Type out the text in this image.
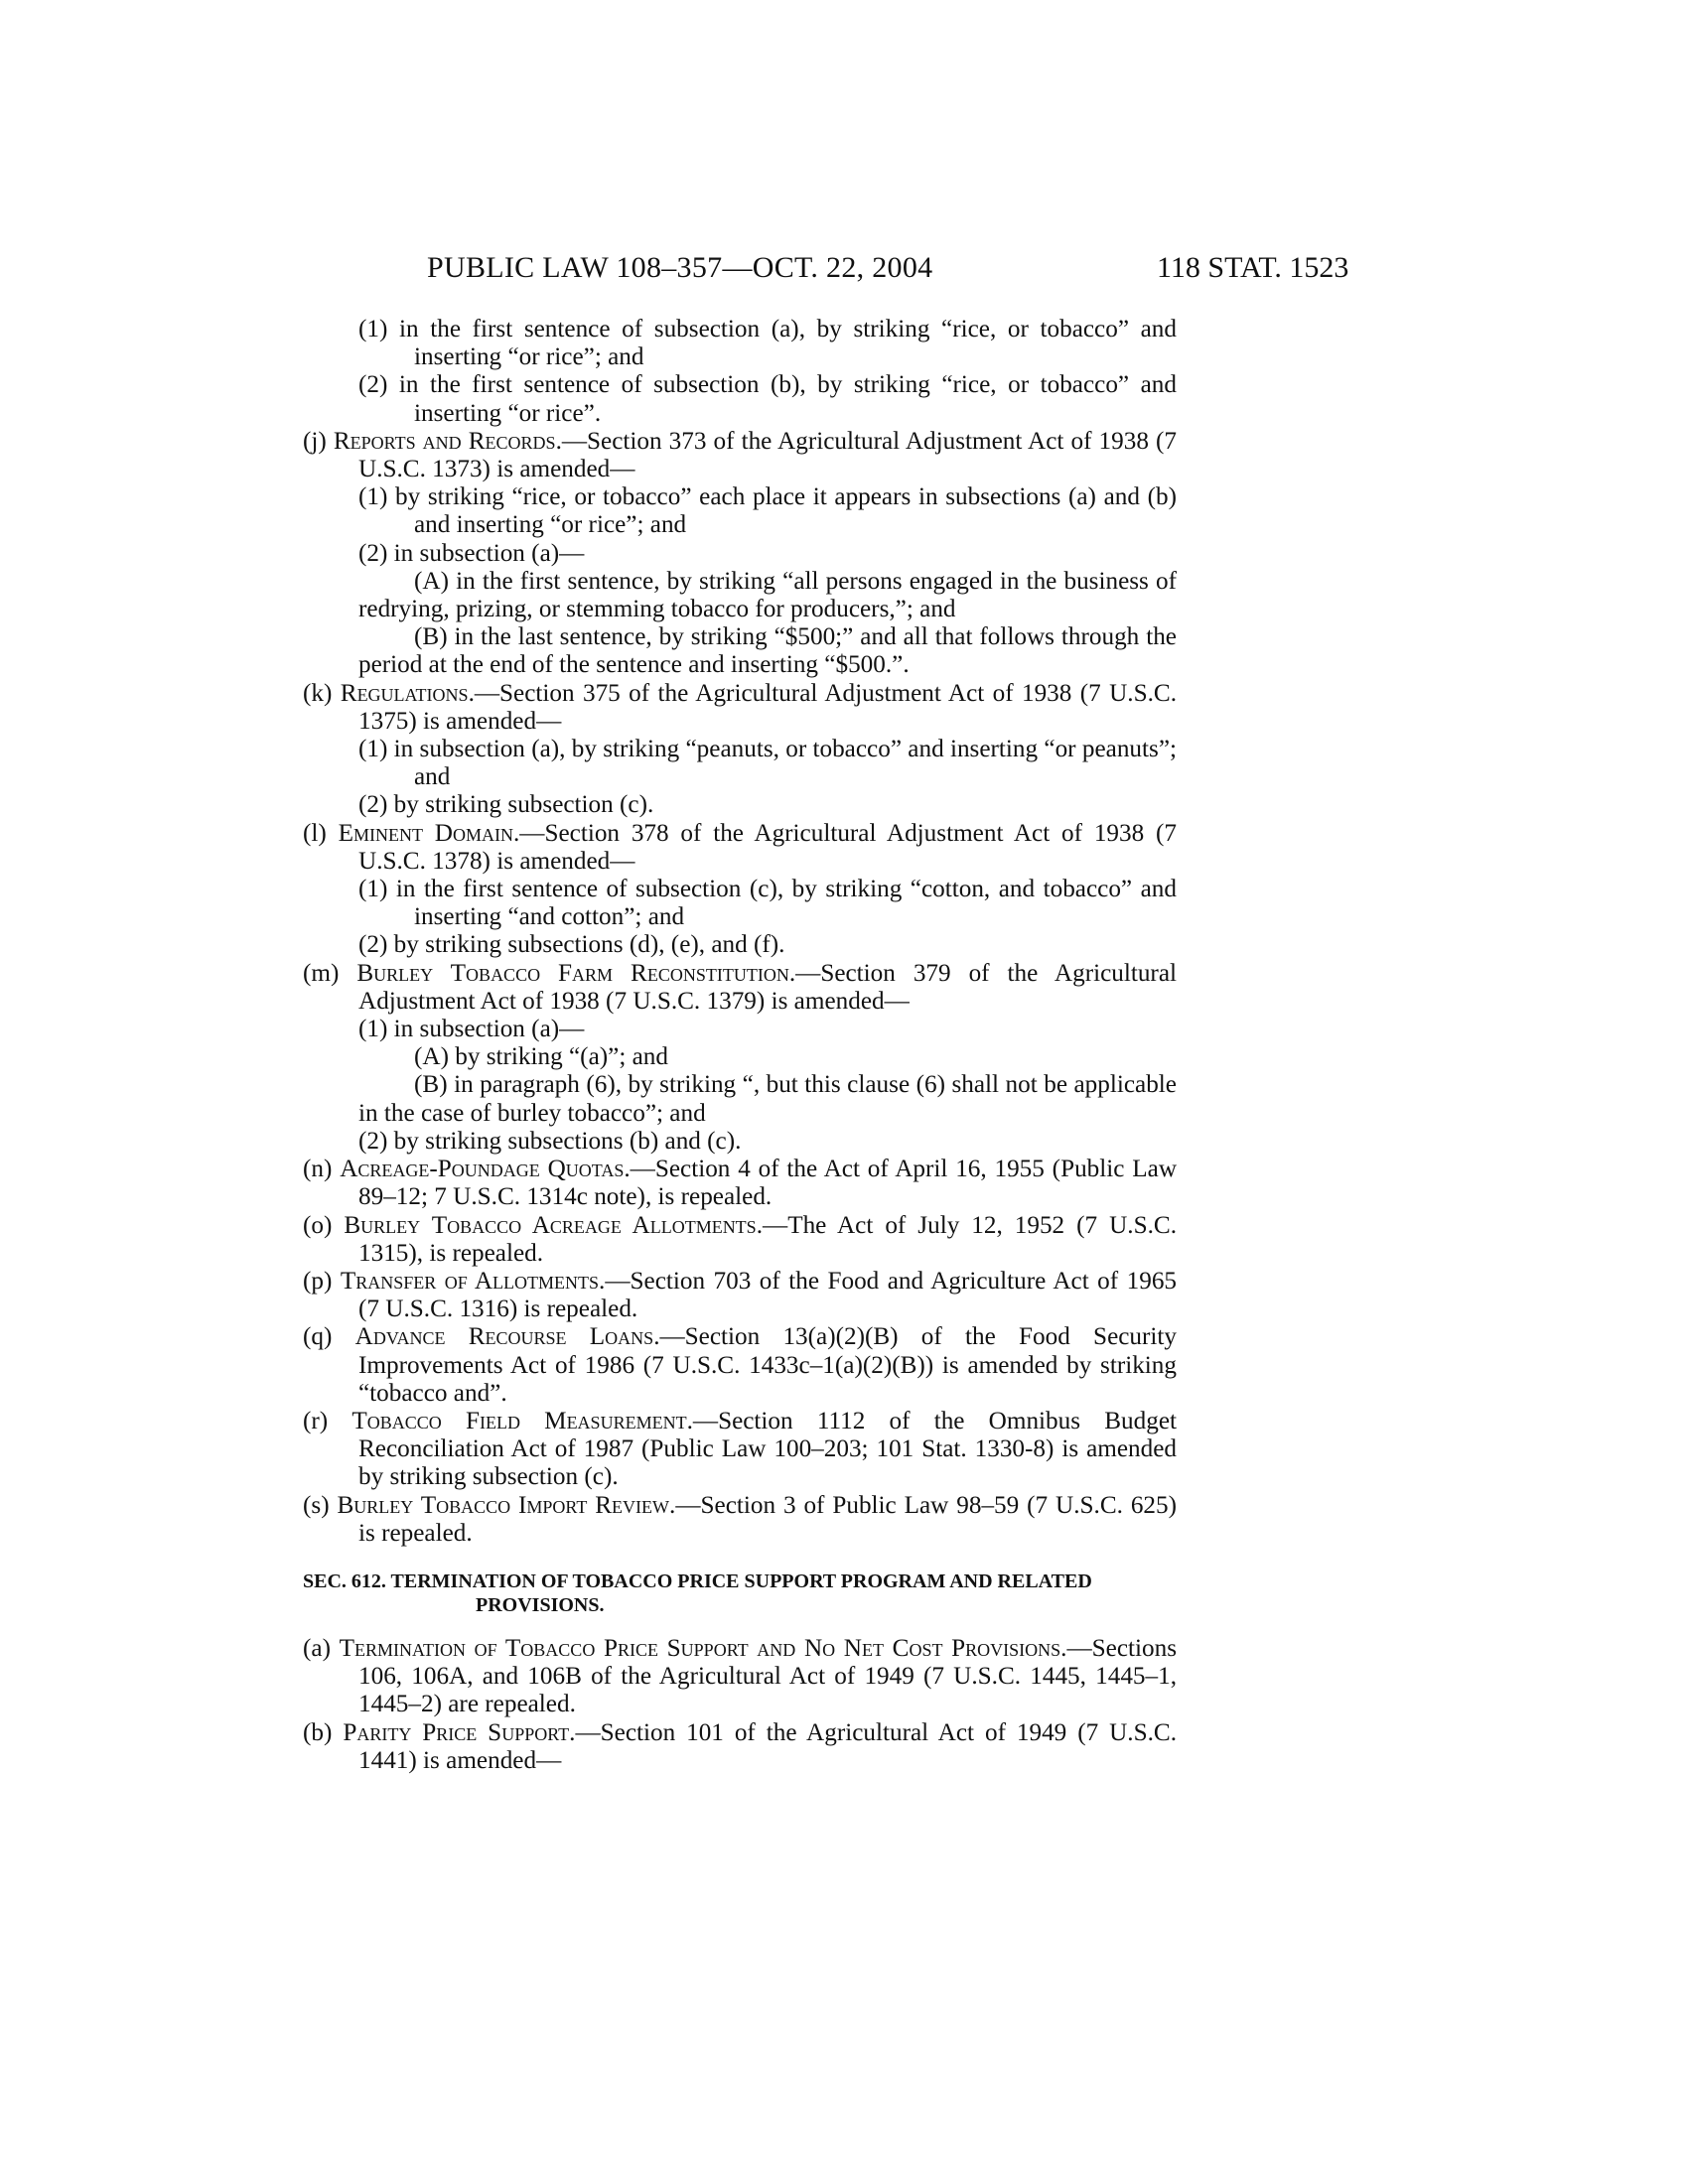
PUBLIC LAW 108–357—OCT. 22, 2004	118 STAT. 1523

(1) in the first sentence of subsection (a), by striking “rice, or tobacco” and inserting “or rice”; and

(2) in the first sentence of subsection (b), by striking “rice, or tobacco” and inserting “or rice”.

(j) Reports and Records.—Section 373 of the Agricultural Adjustment Act of 1938 (7 U.S.C. 1373) is amended—

(1) by striking “rice, or tobacco” each place it appears in subsections (a) and (b) and inserting “or rice”; and

(2) in subsection (a)—

(A) in the first sentence, by striking “all persons engaged in the business of redrying, prizing, or stemming tobacco for producers,”; and

(B) in the last sentence, by striking “$500;” and all that follows through the period at the end of the sentence and inserting “$500.”.

(k) Regulations.—Section 375 of the Agricultural Adjustment Act of 1938 (7 U.S.C. 1375) is amended—

(1) in subsection (a), by striking “peanuts, or tobacco” and inserting “or peanuts”; and

(2) by striking subsection (c).

(l) Eminent Domain.—Section 378 of the Agricultural Adjustment Act of 1938 (7 U.S.C. 1378) is amended—

(1) in the first sentence of subsection (c), by striking “cotton, and tobacco” and inserting “and cotton”; and

(2) by striking subsections (d), (e), and (f).

(m) Burley Tobacco Farm Reconstitution.—Section 379 of the Agricultural Adjustment Act of 1938 (7 U.S.C. 1379) is amended—

(1) in subsection (a)—

(A) by striking “(a)”; and

(B) in paragraph (6), by striking “, but this clause (6) shall not be applicable in the case of burley tobacco”; and

(2) by striking subsections (b) and (c).

(n) Acreage-Poundage Quotas.—Section 4 of the Act of April 16, 1955 (Public Law 89–12; 7 U.S.C. 1314c note), is repealed.

(o) Burley Tobacco Acreage Allotments.—The Act of July 12, 1952 (7 U.S.C. 1315), is repealed.

(p) Transfer of Allotments.—Section 703 of the Food and Agriculture Act of 1965 (7 U.S.C. 1316) is repealed.

(q) Advance Recourse Loans.—Section 13(a)(2)(B) of the Food Security Improvements Act of 1986 (7 U.S.C. 1433c–1(a)(2)(B)) is amended by striking “tobacco and”.

(r) Tobacco Field Measurement.—Section 1112 of the Omnibus Budget Reconciliation Act of 1987 (Public Law 100–203; 101 Stat. 1330-8) is amended by striking subsection (c).

(s) Burley Tobacco Import Review.—Section 3 of Public Law 98–59 (7 U.S.C. 625) is repealed.

SEC. 612. TERMINATION OF TOBACCO PRICE SUPPORT PROGRAM AND RELATED PROVISIONS.

(a) Termination of Tobacco Price Support and No Net Cost Provisions.—Sections 106, 106A, and 106B of the Agricultural Act of 1949 (7 U.S.C. 1445, 1445–1, 1445–2) are repealed.

(b) Parity Price Support.—Section 101 of the Agricultural Act of 1949 (7 U.S.C. 1441) is amended—
